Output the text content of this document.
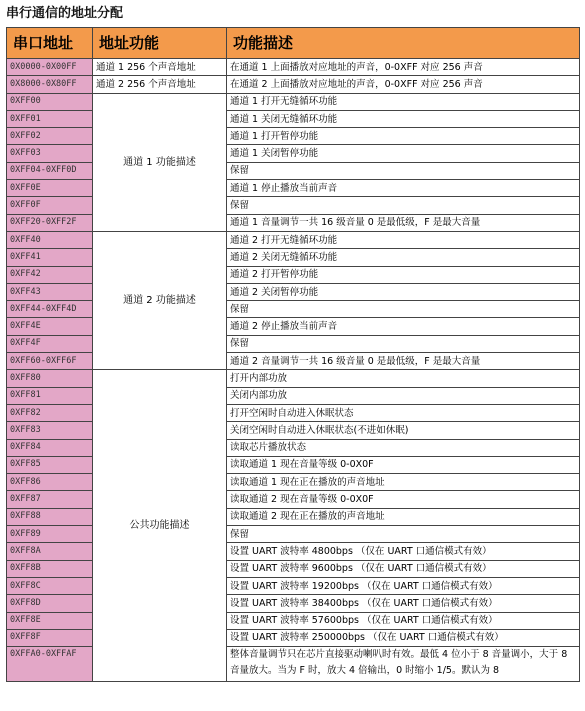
串行通信的地址分配
串口地址	地址功能	功能描述
0X0000-0X00FF	通道 1 256 个声音地址	在通道 1 上面播放对应地址的声音，0-0XFF 对应 256 声音
0X8000-0X80FF	通道 2 256 个声音地址	在通道 2 上面播放对应地址的声音，0-0XFF 对应 256 声音
0XFF00	通道 1 功能描述	通道 1 打开无缝循环功能
0XFF01		通道 1 关闭无缝循环功能
0XFF02		通道 1 打开暂停功能
0XFF03		通道 1 关闭暂停功能
0XFF04-0XFF0D		保留
0XFF0E		通道 1 停止播放当前声音
0XFF0F		保留
0XFF20-0XFF2F		通道 1 音量调节一共 16 级音量 0 是最低级，F 是最大音量
0XFF40	通道 2 功能描述	通道 2 打开无缝循环功能
0XFF41		通道 2 关闭无缝循环功能
0XFF42		通道 2 打开暂停功能
0XFF43		通道 2 关闭暂停功能
0XFF44-0XFF4D		保留
0XFF4E		通道 2 停止播放当前声音
0XFF4F		保留
0XFF60-0XFF6F		通道 2 音量调节一共 16 级音量 0 是最低级，F 是最大音量
0XFF80	公共功能描述	打开内部功放
0XFF81		关闭内部功放
0XFF82		打开空闲时自动进入休眠状态
0XFF83		关闭空闲时自动进入休眠状态(不进如休眠)
0XFF84		读取芯片播放状态
0XFF85		读取通道 1 现在音量等级 0-0X0F
0XFF86		读取通道 1 现在正在播放的声音地址
0XFF87		读取通道 2 现在音量等级 0-0X0F
0XFF88		读取通道 2 现在正在播放的声音地址
0XFF89		保留
0XFF8A		设置 UART 波特率 4800bps （仅在 UART 口通信模式有效）
0XFF8B		设置 UART 波特率 9600bps （仅在 UART 口通信模式有效）
0XFF8C		设置 UART 波特率 19200bps （仅在 UART 口通信模式有效）
0XFF8D		设置 UART 波特率 38400bps （仅在 UART 口通信模式有效）
0XFF8E		设置 UART 波特率 57600bps （仅在 UART 口通信模式有效）
0XFF8F		设置 UART 波特率 250000bps （仅在 UART 口通信模式有效）
0XFFA0-0XFFAF		整体音量调节只在芯片直接驱动喇叭时有效。最低 4 位小于 8 音量调小，大于 8 音量放大。当为 F 时，放大 4 倍输出，0 时缩小 1/5。默认为 8
